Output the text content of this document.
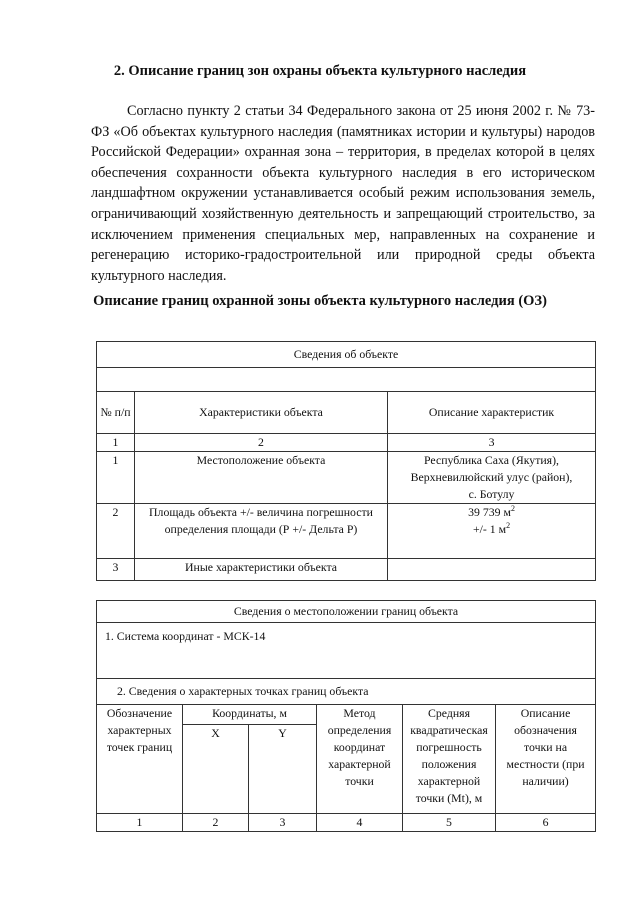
2. Описание границ зон охраны объекта культурного наследия

Согласно пункту 2 статьи 34 Федерального закона от 25 июня 2002 г. № 73-ФЗ «Об объектах культурного наследия (памятниках истории и культуры) народов Российской Федерации» охранная зона – территория, в пределах которой в целях обеспечения сохранности объекта культурного наследия в его историческом ландшафтном окружении устанавливается особый режим использования земель, ограничивающий хозяйственную деятельность и запрещающий строительство, за исключением применения специальных мер, направленных на сохранение и регенерацию историко-градостроительной или природной среды объекта культурного наследия.

Описание границ охранной зоны объекта культурного наследия (ОЗ)
Сведения об объекте		

№ п/п	Характеристики объекта	Описание характеристик
1	2	3
1	Местоположение объекта	Республика Саха (Якутия),
Верхневилюйский улус (район),
с. Ботулу

2	Площадь объекта +/- величина погрешности определения площади (Р +/- Дельта Р)	39 739 $м^2$
+/- 1 $м^2$

3	Иные характеристики объекта	
Сведения о местоположении границ объекта					
1. Система координат - МСК-14					
2. Сведения о характерных точках границ объекта					
Обозначение характерных точек границ	Координаты, м		Метод определения координат характерной точки	Средняя квадратическая погрешность положения характерной точки (Mt), м	Описание обозначения точки на местности (при наличии)
	X	Y			
1	2	3	4	5	6
